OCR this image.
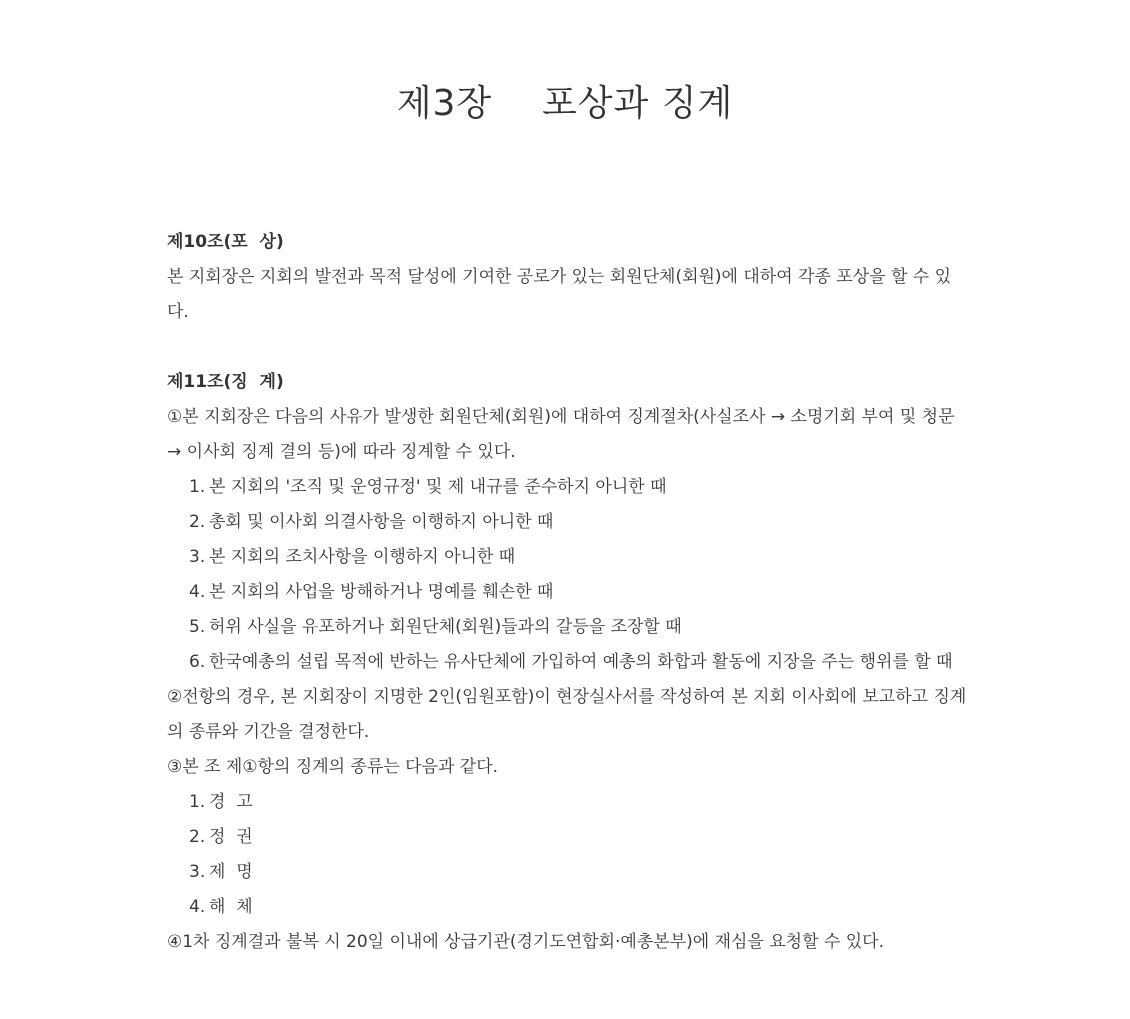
제3장    포상과 징계
제10조(포  상)

본 지회장은 지회의 발전과 목적 달성에 기여한 공로가 있는 회원단체(회원)에 대하여 각종 포상을 할 수 있다.

제11조(징  계)

①본 지회장은 다음의 사유가 발생한 회원단체(회원)에 대하여 징계절차(사실조사 → 소명기회 부여 및 청문 → 이사회 징계 결의 등)에 따라 징계할 수 있다.

1. 본 지회의 '조직 및 운영규정' 및 제 내규를 준수하지 아니한 때
2. 총회 및 이사회 의결사항을 이행하지 아니한 때
3. 본 지회의 조치사항을 이행하지 아니한 때
4. 본 지회의 사업을 방해하거나 명예를 훼손한 때
5. 허위 사실을 유포하거나 회원단체(회원)들과의 갈등을 조장할 때
6. 한국예총의 설립 목적에 반하는 유사단체에 가입하여 예총의 화합과 활동에 지장을 주는 행위를 할 때

②전항의 경우, 본 지회장이 지명한 2인(임원포함)이 현장실사서를 작성하여 본 지회 이사회에 보고하고 징계의 종류와 기간을 결정한다.

③본 조 제①항의 징계의 종류는 다음과 같다.

1. 경  고
2. 정  권
3. 제  명
4. 해  체

④1차 징계결과 불복 시 20일 이내에 상급기관(경기도연합회·예총본부)에 재심을 요청할 수 있다.
